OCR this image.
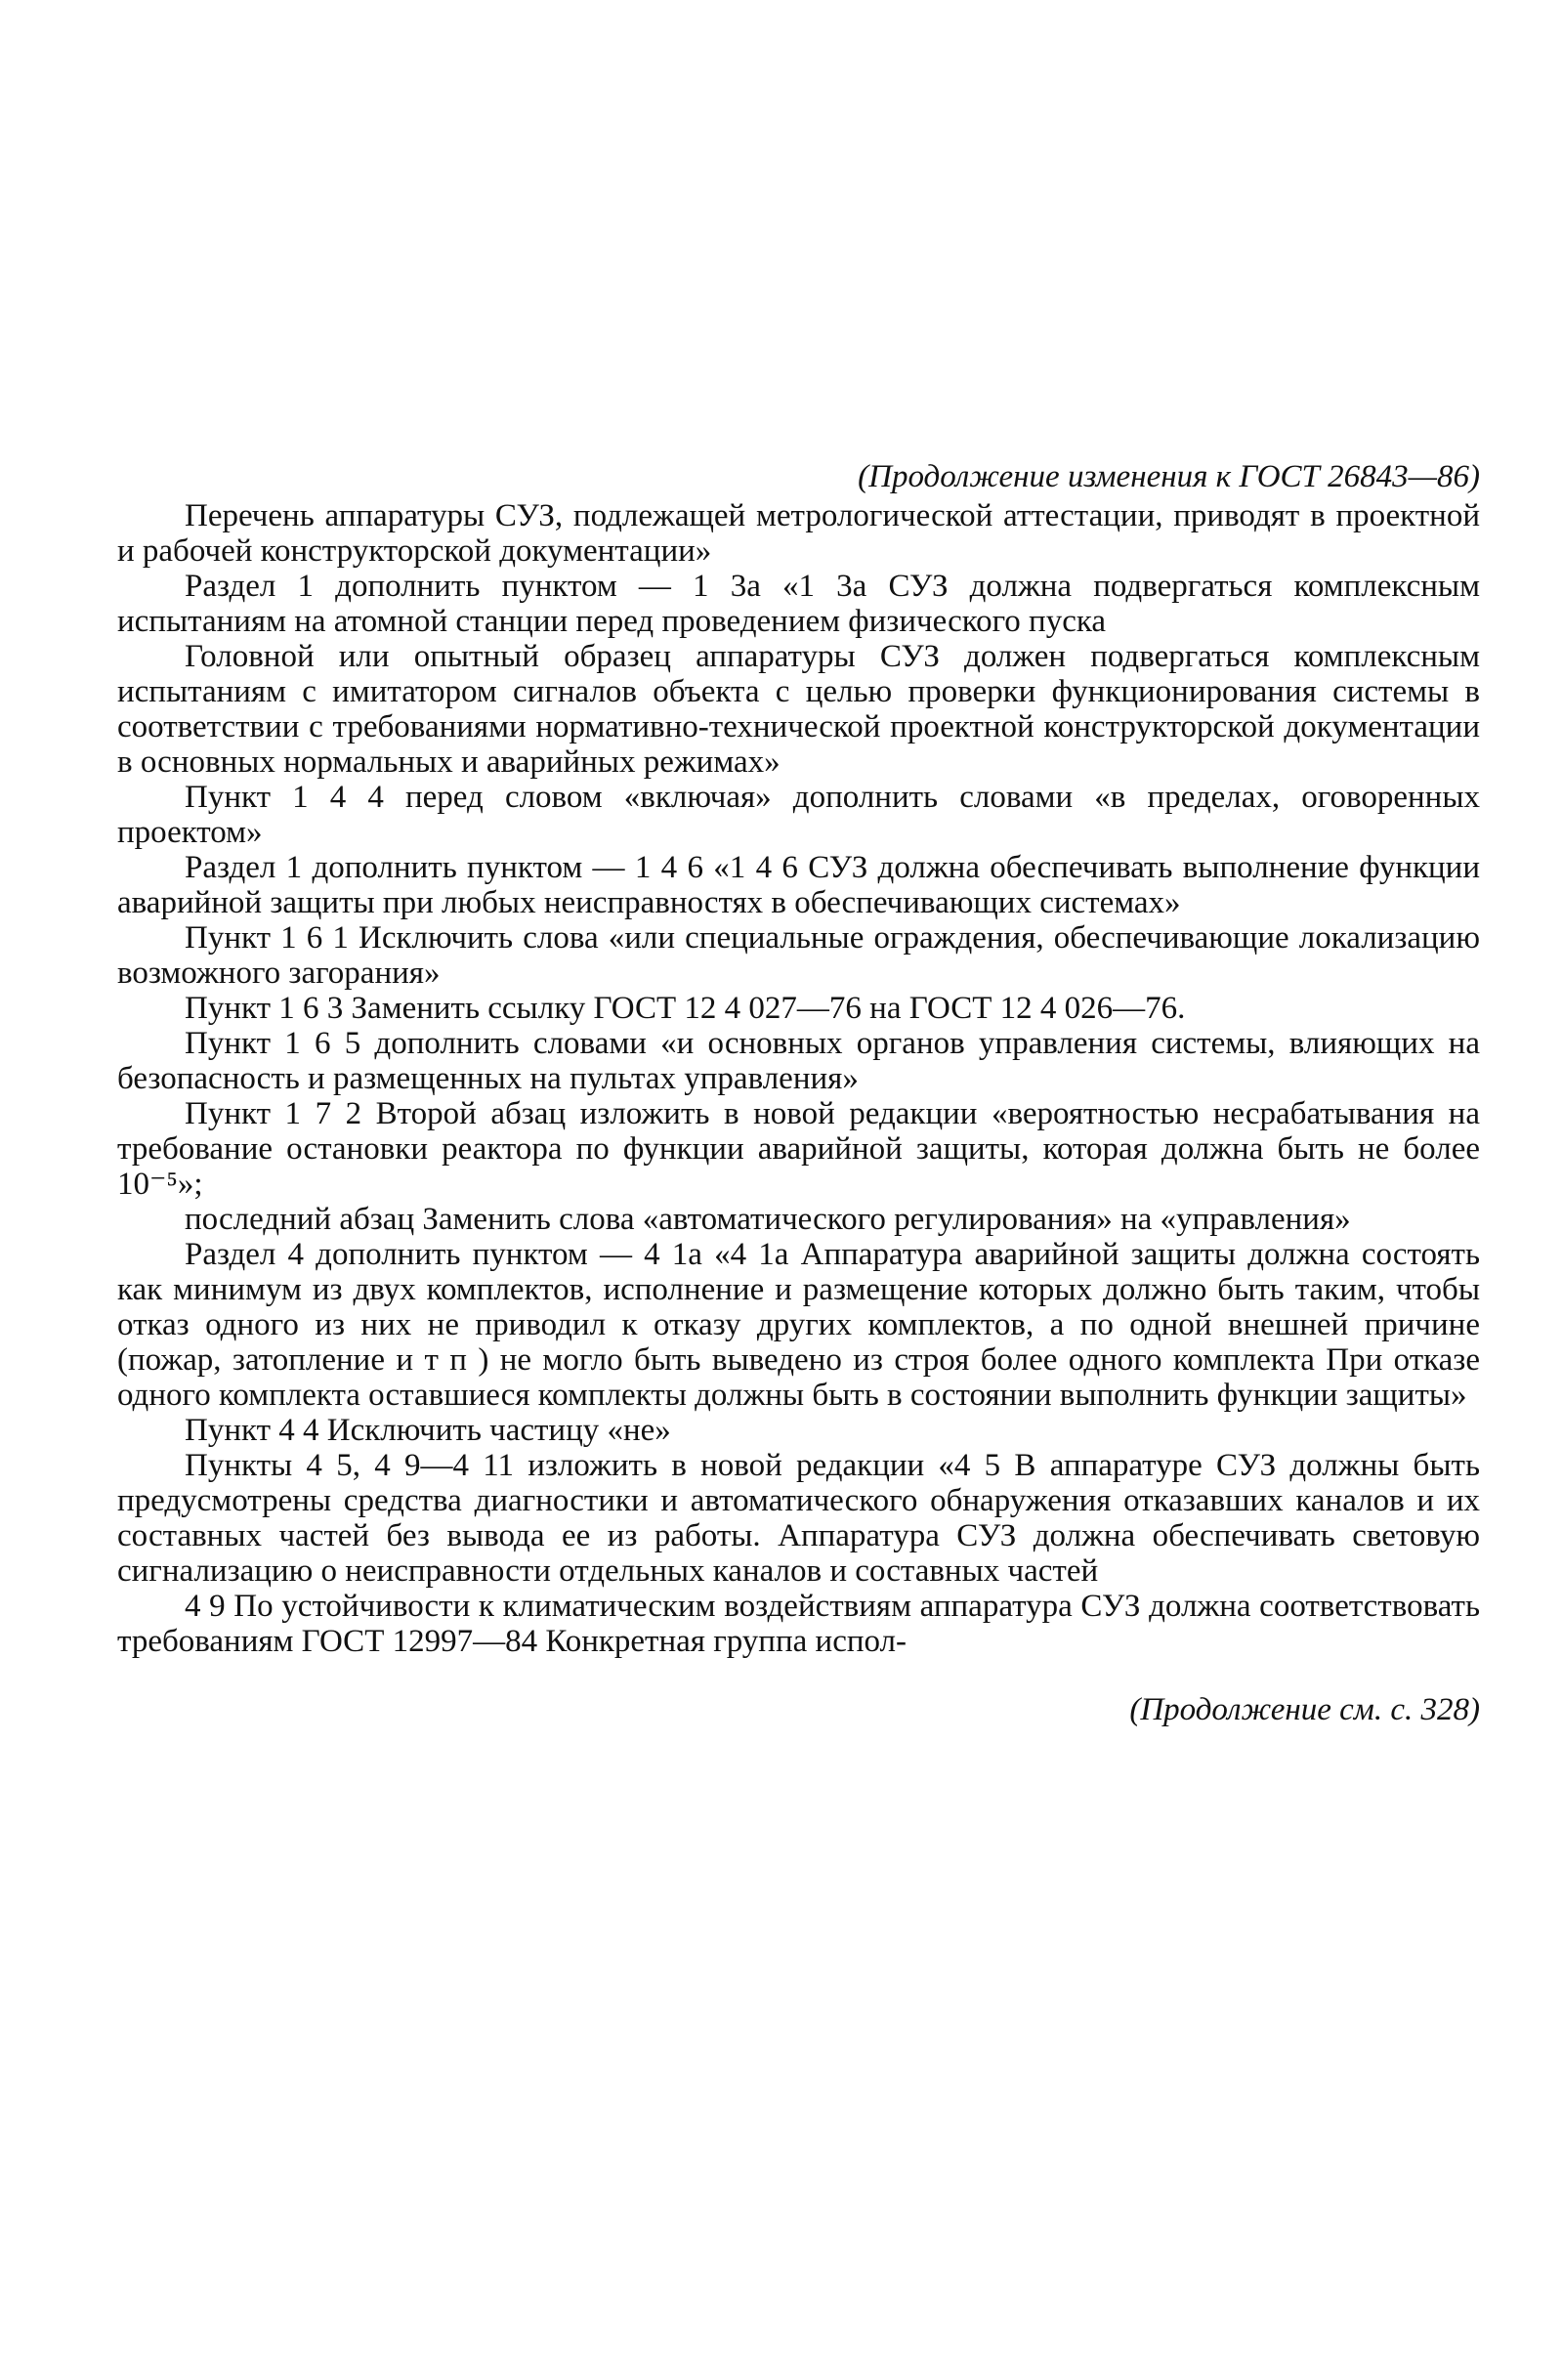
(Продолжение изменения к ГОСТ 26843—86)

Перечень аппаратуры СУЗ, подлежащей метрологической аттестации, приводят в проектной и рабочей конструкторской документации»

Раздел 1 дополнить пунктом — 1 3а «1 3а СУЗ должна подвергаться комплексным испытаниям на атомной станции перед проведением физического пуска

Головной или опытный образец аппаратуры СУЗ должен подвергаться комплексным испытаниям с имитатором сигналов объекта с целью проверки функционирования системы в соответствии с требованиями нормативно-технической проектной конструкторской документации в основных нормальных и аварийных режимах»

Пункт 1 4 4 перед словом «включая» дополнить словами «в пределах, оговоренных проектом»

Раздел 1 дополнить пунктом — 1 4 6 «1 4 6 СУЗ должна обеспечивать выполнение функции аварийной защиты при любых неисправностях в обеспечивающих системах»

Пункт 1 6 1 Исключить слова «или специальные ограждения, обеспечивающие локализацию возможного загорания»

Пункт 1 6 3 Заменить ссылку ГОСТ 12 4 027—76 на ГОСТ 12 4 026—76.

Пункт 1 6 5 дополнить словами «и основных органов управления системы, влияющих на безопасность и размещенных на пультах управления»

Пункт 1 7 2 Второй абзац изложить в новой редакции «вероятностью несрабатывания на требование остановки реактора по функции аварийной защиты, которая должна быть не более 10⁻⁵»;

последний абзац Заменить слова «автоматического регулирования» на «управления»

Раздел 4 дополнить пунктом — 4 1а «4 1а Аппаратура аварийной защиты должна состоять как минимум из двух комплектов, исполнение и размещение которых должно быть таким, чтобы отказ одного из них не приводил к отказу других комплектов, а по одной внешней причине (пожар, затопление и т п ) не могло быть выведено из строя более одного комплекта При отказе одного комплекта оставшиеся комплекты должны быть в состоянии выполнить функции защиты»

Пункт 4 4 Исключить частицу «не»

Пункты 4 5, 4 9—4 11 изложить в новой редакции «4 5 В аппаратуре СУЗ должны быть предусмотрены средства диагностики и автоматического обнаружения отказавших каналов и их составных частей без вывода ее из работы. Аппаратура СУЗ должна обеспечивать световую сигнализацию о неисправности отдельных каналов и составных частей

4 9 По устойчивости к климатическим воздействиям аппаратура СУЗ должна соответствовать требованиям ГОСТ 12997—84 Конкретная группа испол-

(Продолжение см. с. 328)
